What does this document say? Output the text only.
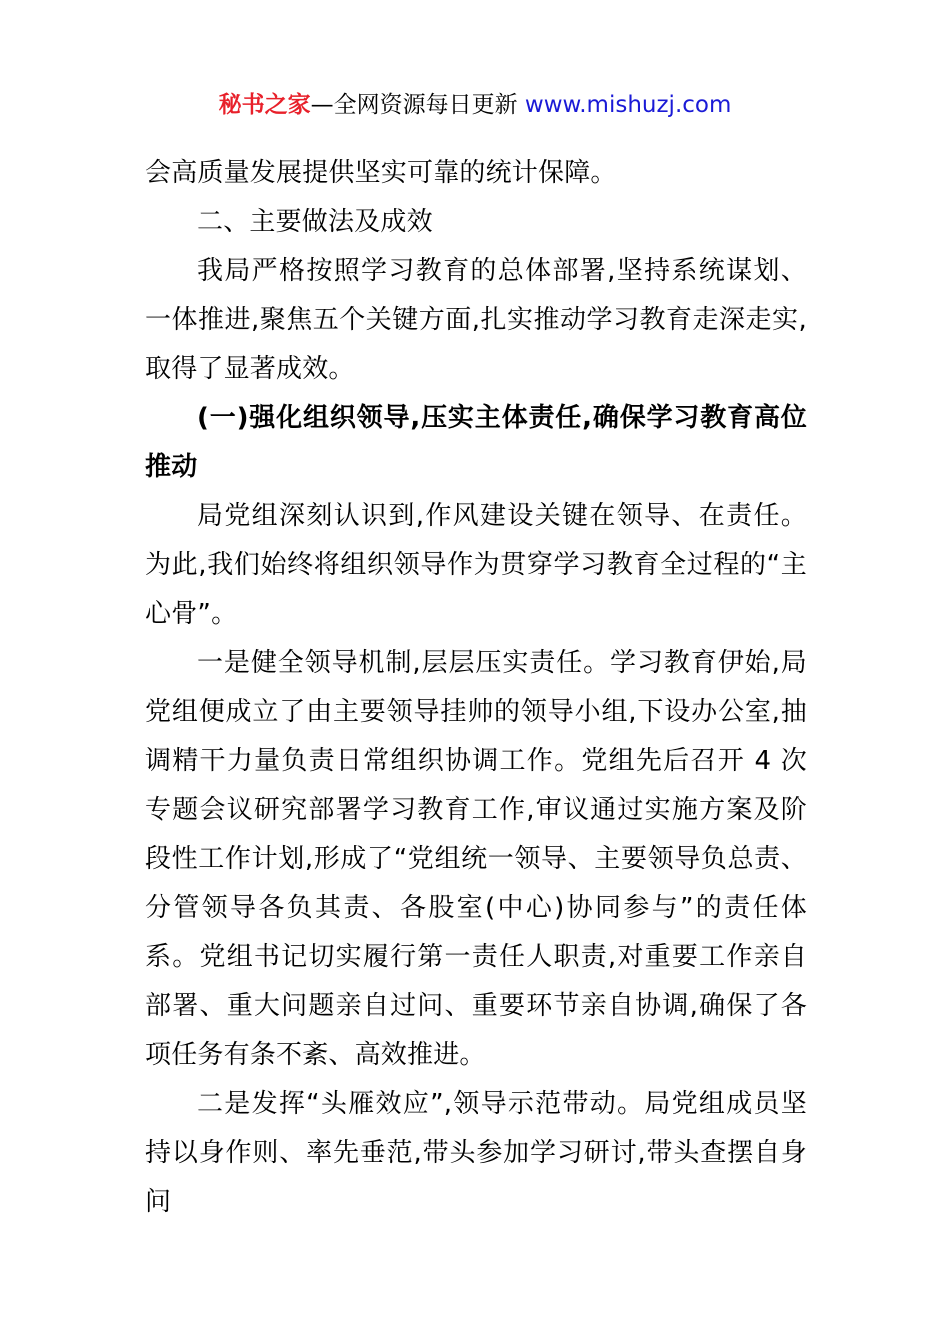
秘书之家—全网资源每日更新 www.mishuzj.com

会高质量发展提供坚实可靠的统计保障。

二、主要做法及成效

我局严格按照学习教育的总体部署,坚持系统谋划、一体推进,聚焦五个关键方面,扎实推动学习教育走深走实,取得了显著成效。

(一)强化组织领导,压实主体责任,确保学习教育高位推动

局党组深刻认识到,作风建设关键在领导、在责任。为此,我们始终将组织领导作为贯穿学习教育全过程的“主心骨”。

一是健全领导机制,层层压实责任。学习教育伊始,局党组便成立了由主要领导挂帅的领导小组,下设办公室,抽调精干力量负责日常组织协调工作。党组先后召开 4 次专题会议研究部署学习教育工作,审议通过实施方案及阶段性工作计划,形成了“党组统一领导、主要领导负总责、分管领导各负其责、各股室(中心)协同参与”的责任体系。党组书记切实履行第一责任人职责,对重要工作亲自部署、重大问题亲自过问、重要环节亲自协调,确保了各项任务有条不紊、高效推进。

二是发挥“头雁效应”,领导示范带动。局党组成员坚持以身作则、率先垂范,带头参加学习研讨,带头查摆自身问
